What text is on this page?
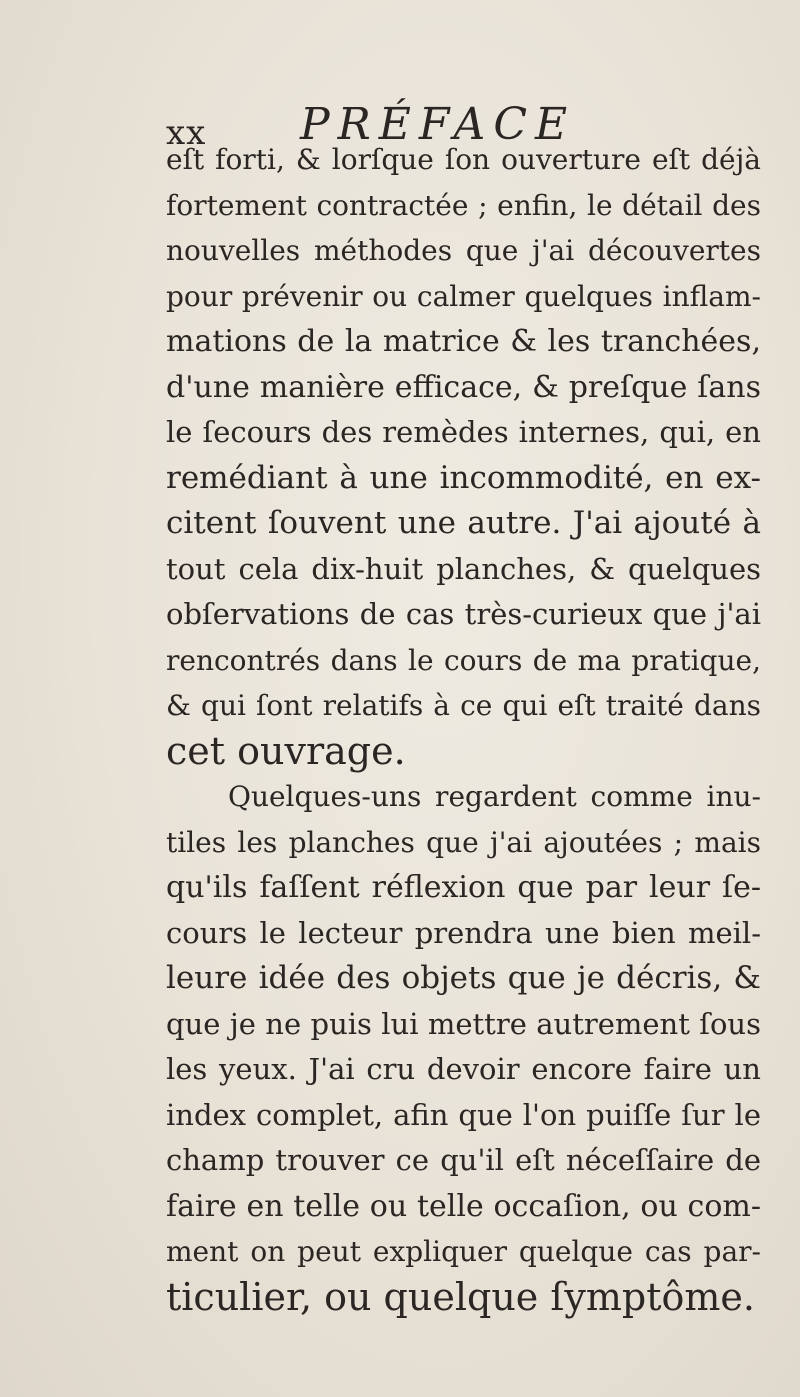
xx PRÉFACE
eſt forti, & lorſque ſon ouverture eſt déjà
fortement contractée ; enfin, le détail des
nouvelles méthodes que j'ai découvertes
pour prévenir ou calmer quelques inflam-
mations de la matrice & les tranchées,
d'une manière efficace, & preſque ſans
le ſecours des remèdes internes, qui, en
remédiant à une incommodité, en ex-
citent ſouvent une autre. J'ai ajouté à
tout cela dix-huit planches, & quelques
obſervations de cas très-curieux que j'ai
rencontrés dans le cours de ma pratique,
& qui ſont relatifs à ce qui eſt traité dans
cet ouvrage.
Quelques-uns regardent comme inu-
tiles les planches que j'ai ajoutées ; mais
qu'ils faſſent réflexion que par leur ſe-
cours le lecteur prendra une bien meil-
leure idée des objets que je décris, &
que je ne puis lui mettre autrement ſous
les yeux. J'ai cru devoir encore faire un
index complet, afin que l'on puiſſe ſur le
champ trouver ce qu'il eſt néceſſaire de
faire en telle ou telle occaſion, ou com-
ment on peut expliquer quelque cas par-
ticulier, ou quelque ſymptôme.
